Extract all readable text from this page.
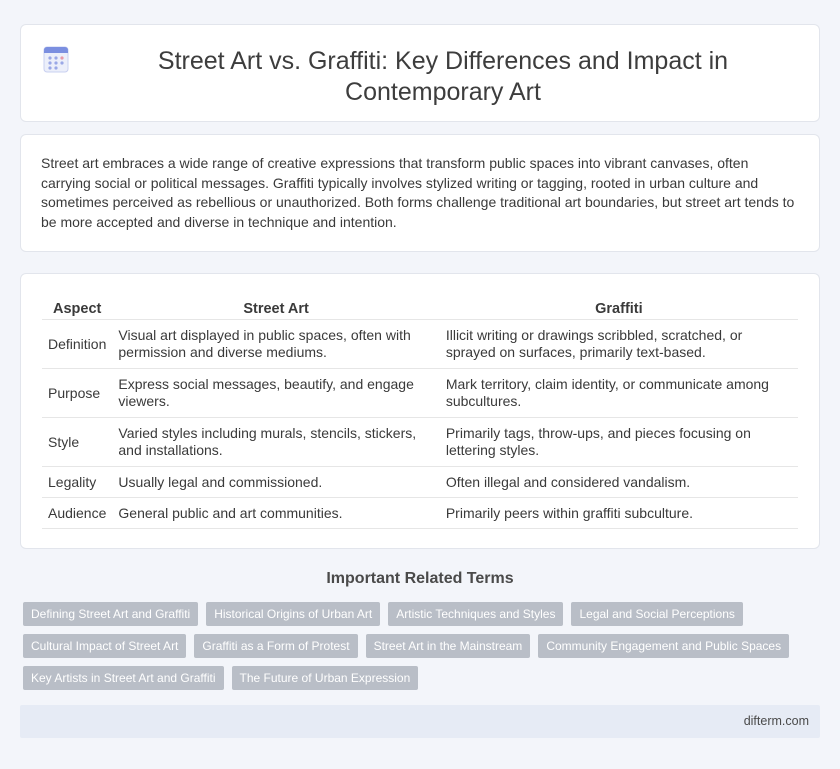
Street Art vs. Graffiti: Key Differences and Impact in Contemporary Art

Street art embraces a wide range of creative expressions that transform public spaces into vibrant canvases, often carrying social or political messages. Graffiti typically involves stylized writing or tagging, rooted in urban culture and sometimes perceived as rebellious or unauthorized. Both forms challenge traditional art boundaries, but street art tends to be more accepted and diverse in technique and intention.

Aspect	Street Art	Graffiti
Definition	Visual art displayed in public spaces, often with permission and diverse mediums.	Illicit writing or drawings scribbled, scratched, or sprayed on surfaces, primarily text-based.
Purpose	Express social messages, beautify, and engage viewers.	Mark territory, claim identity, or communicate among subcultures.
Style	Varied styles including murals, stencils, stickers, and installations.	Primarily tags, throw-ups, and pieces focusing on lettering styles.
Legality	Usually legal and commissioned.	Often illegal and considered vandalism.
Audience	General public and art communities.	Primarily peers within graffiti subculture.
Important Related Terms
Defining Street Art and Graffiti	Historical Origins of Urban Art	Artistic Techniques and Styles	Legal and Social Perceptions
Cultural Impact of Street Art	Graffiti as a Form of Protest	Street Art in the Mainstream	Community Engagement and Public Spaces
Key Artists in Street Art and Graffiti	The Future of Urban Expression
difterm.com
